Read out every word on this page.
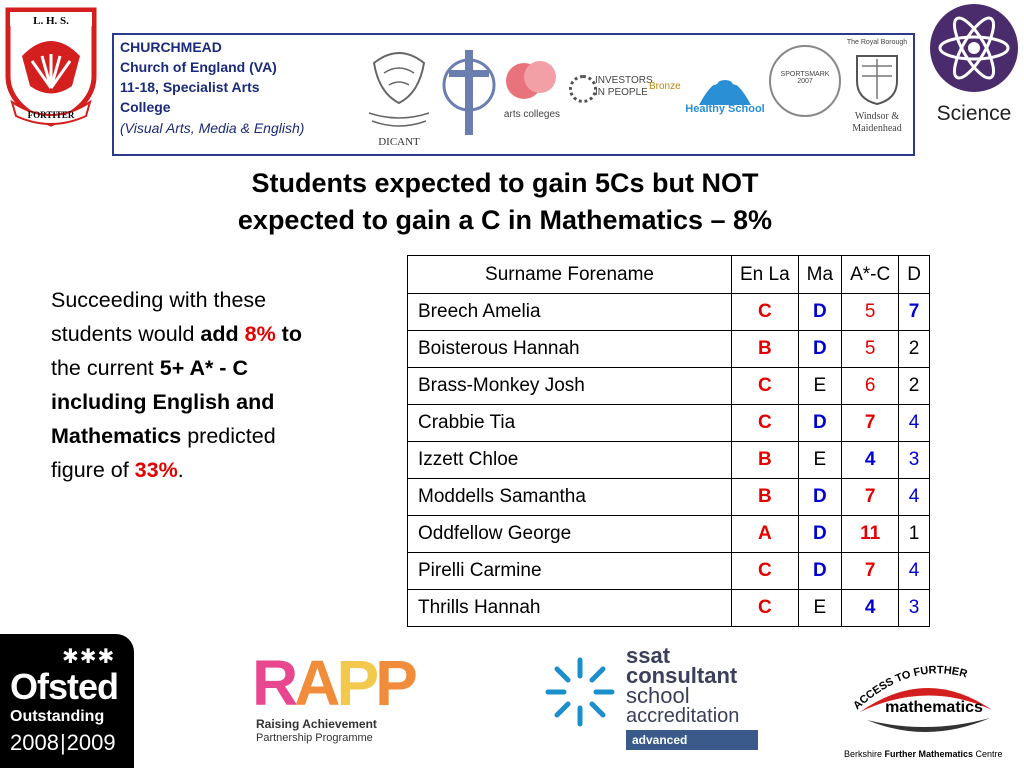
L. H. S.
FORTITER
CHURCHMEAD
Church of England (VA)
11-18, Specialist Arts
College
(Visual Arts, Media & English)
DICANT
arts colleges
INVESTORS
IN PEOPLE
Bronze
Healthy School
SPORTSMARK 2007
The Royal Borough
Windsor &
Maidenhead
Science
Students expected to gain 5Cs but NOT
expected to gain a C in Mathematics – 8%
Succeeding with these students would add 8% to the current 5+ A* - C including English and Mathematics predicted figure of 33%.
Surname Forename	En La	Ma	A*-C	D
Breech Amelia	C	D	5	7
Boisterous Hannah	B	D	5	2
Brass-Monkey Josh	C	E	6	2
Crabbie Tia	C	D	7	4
Izzett Chloe	B	E	4	3
Moddells Samantha	B	D	7	4
Oddfellow George	A	D	11	1
Pirelli Carmine	C	D	7	4
Thrills Hannah	C	E	4	3
✱✱✱
Ofsted
Outstanding
2008|2009
RAPP
Raising Achievement
Partnership Programme
ssat
consultant
school
accreditation
advanced
ACCESS TO FURTHER
mathematics
Berkshire Further Mathematics Centre
